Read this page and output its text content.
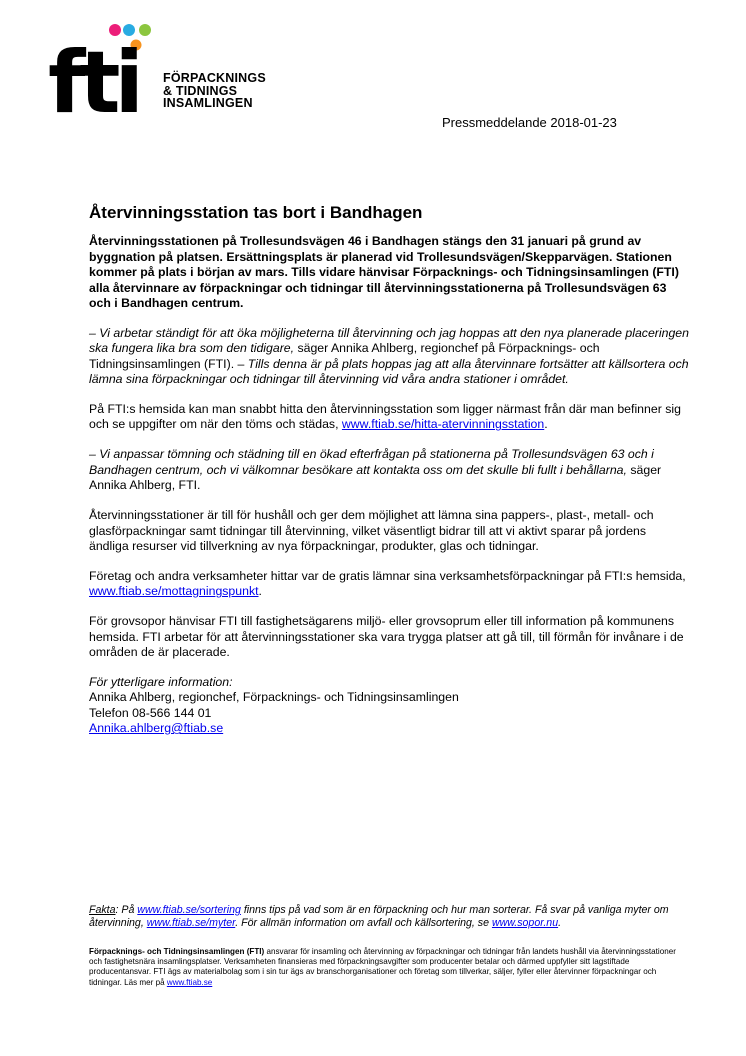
fti FÖRPACKNINGS
& TIDNINGS
INSAMLINGEN
Pressmeddelande 2018-01-23
Återvinningsstation tas bort i Bandhagen

Återvinningsstationen på Trollesundsvägen 46 i Bandhagen stängs den 31 januari på grund av byggnation på platsen. Ersättningsplats är planerad vid Trollesundsvägen/Skepparvägen. Stationen kommer på plats i början av mars. Tills vidare hänvisar Förpacknings- och Tidningsinsamlingen (FTI) alla återvinnare av förpackningar och tidningar till återvinningsstationerna på Trollesundsvägen 63 och i Bandhagen centrum.

– Vi arbetar ständigt för att öka möjligheterna till återvinning och jag hoppas att den nya planerade placeringen ska fungera lika bra som den tidigare, säger Annika Ahlberg, regionchef på Förpacknings- och Tidningsinsamlingen (FTI). – Tills denna är på plats hoppas jag att alla återvinnare fortsätter att källsortera och lämna sina förpackningar och tidningar till återvinning vid våra andra stationer i området.

På FTI:s hemsida kan man snabbt hitta den återvinningsstation som ligger närmast från där man befinner sig och se uppgifter om när den töms och städas, www.ftiab.se/hitta-atervinningsstation.

– Vi anpassar tömning och städning till en ökad efterfrågan på stationerna på Trollesundsvägen 63 och i Bandhagen centrum, och vi välkomnar besökare att kontakta oss om det skulle bli fullt i behållarna, säger Annika Ahlberg, FTI.

Återvinningsstationer är till för hushåll och ger dem möjlighet att lämna sina pappers-, plast-, metall- och glasförpackningar samt tidningar till återvinning, vilket väsentligt bidrar till att vi aktivt sparar på jordens ändliga resurser vid tillverkning av nya förpackningar, produkter, glas och tidningar.

Företag och andra verksamheter hittar var de gratis lämnar sina verksamhetsförpackningar på FTI:s hemsida, www.ftiab.se/mottagningspunkt.

För grovsopor hänvisar FTI till fastighetsägarens miljö- eller grovsoprum eller till information på kommunens hemsida. FTI arbetar för att återvinningsstationer ska vara trygga platser att gå till, till förmån för invånare i de områden de är placerade.

För ytterligare information:
Annika Ahlberg, regionchef, Förpacknings- och Tidningsinsamlingen
Telefon 08-566 144 01
Annika.ahlberg@ftiab.se
Fakta: På www.ftiab.se/sortering finns tips på vad som är en förpackning och hur man sorterar. Få svar på vanliga myter om återvinning, www.ftiab.se/myter. För allmän information om avfall och källsortering, se www.sopor.nu.
Förpacknings- och Tidningsinsamlingen (FTI) ansvarar för insamling och återvinning av förpackningar och tidningar från landets hushåll via återvinningsstationer och fastighetsnära insamlingsplatser. Verksamheten finansieras med förpackningsavgifter som producenter betalar och därmed uppfyller sitt lagstiftade producentansvar. FTI ägs av materialbolag som i sin tur ägs av branschorganisationer och företag som tillverkar, säljer, fyller eller återvinner förpackningar och tidningar. Läs mer på www.ftiab.se
